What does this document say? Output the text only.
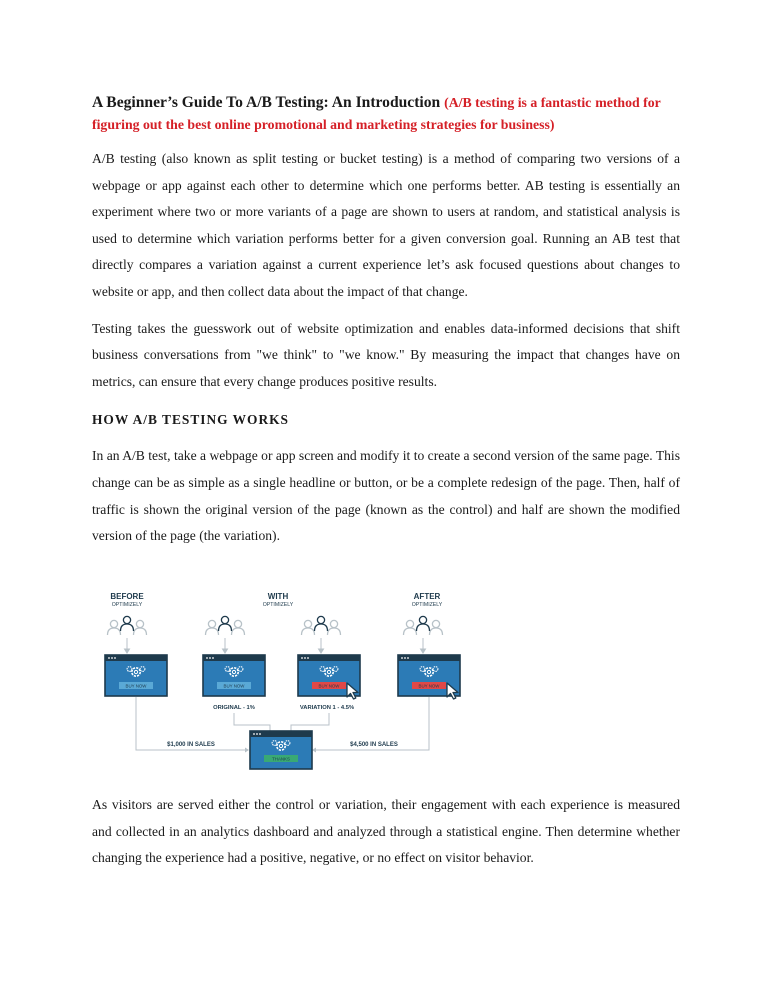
A Beginner’s Guide To A/B Testing: An Introduction (A/B testing is a fantastic method for figuring out the best online promotional and marketing strategies for business)

A/B testing (also known as split testing or bucket testing) is a method of comparing two versions of a webpage or app against each other to determine which one performs better. AB testing is essentially an experiment where two or more variants of a page are shown to users at random, and statistical analysis is used to determine which variation performs better for a given conversion goal. Running an AB test that directly compares a variation against a current experience let’s ask focused questions about changes to website or app, and then collect data about the impact of that change.

Testing takes the guesswork out of website optimization and enables data-informed decisions that shift business conversations from "we think" to "we know." By measuring the impact that changes have on metrics, can ensure that every change produces positive results.

HOW A/B TESTING WORKS

In an A/B test, take a webpage or app screen and modify it to create a second version of the same page. This change can be as simple as a single headline or button, or be a complete redesign of the page. Then, half of traffic is shown the original version of the page (known as the control) and half are shown the modified version of the page (the variation).

BEFORE
OPTIMIZELY
WITH
OPTIMIZELY
AFTER
OPTIMIZELY
BUY NOW	BUY NOW	BUY NOW	BUY NOW
ORIGINAL - 1%	VARIATION 1 - 4.5%
$1,000 IN SALES	$4,500 IN SALES
THANKS

As visitors are served either the control or variation, their engagement with each experience is measured and collected in an analytics dashboard and analyzed through a statistical engine. Then determine whether changing the experience had a positive, negative, or no effect on visitor behavior.
